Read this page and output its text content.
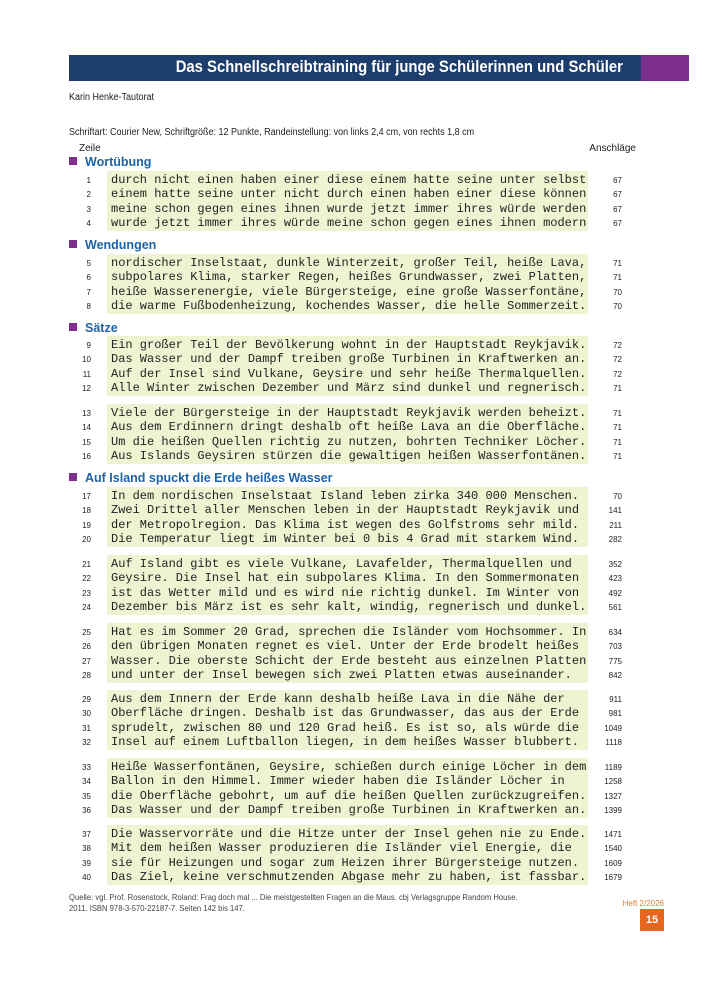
Das Schnellschreibtraining für junge Schülerinnen und Schüler
Karin Henke-Tautorat
Schriftart: Courier New, Schriftgröße: 12 Punkte, Randeinstellung: von links 2,4 cm, von rechts 1,8 cm
Zeile	Anschläge
Wortübung
1 durch nicht einen haben einer diese einem hatte seine unter selbst	67
2 einem hatte seine unter nicht durch einen haben einer diese können	67
3 meine schon gegen eines ihnen wurde jetzt immer ihres würde werden	67
4 wurde jetzt immer ihres würde meine schon gegen eines ihnen modern	67
Wendungen
5 nordischer Inselstaat, dunkle Winterzeit, großer Teil, heiße Lava,	71
6 subpolares Klima, starker Regen, heißes Grundwasser, zwei Platten,	71
7 heiße Wasserenergie, viele Bürgersteige, eine große Wasserfontäne,	70
8 die warme Fußbodenheizung, kochendes Wasser, die helle Sommerzeit.	70
Sätze
9 Ein großer Teil der Bevölkerung wohnt in der Hauptstadt Reykjavik.	72
10 Das Wasser und der Dampf treiben große Turbinen in Kraftwerken an.	72
11 Auf der Insel sind Vulkane, Geysire und sehr heiße Thermalquellen.	72
12 Alle Winter zwischen Dezember und März sind dunkel und regnerisch.	71
13 Viele der Bürgersteige in der Hauptstadt Reykjavik werden beheizt.	71
14 Aus dem Erdinnern dringt deshalb oft heiße Lava an die Oberfläche.	71
15 Um die heißen Quellen richtig zu nutzen, bohrten Techniker Löcher.	71
16 Aus Islands Geysiren stürzen die gewaltigen heißen Wasserfontänen.	71
Auf Island spuckt die Erde heißes Wasser
17 In dem nordischen Inselstaat Island leben zirka 340 000 Menschen.	70
18 Zwei Drittel aller Menschen leben in der Hauptstadt Reykjavik und	141
19 der Metropolregion. Das Klima ist wegen des Golfstroms sehr mild.	211
20 Die Temperatur liegt im Winter bei 0 bis 4 Grad mit starkem Wind.	282
21 Auf Island gibt es viele Vulkane, Lavafelder, Thermalquellen und	352
22 Geysire. Die Insel hat ein subpolares Klima. In den Sommermonaten	423
23 ist das Wetter mild und es wird nie richtig dunkel. Im Winter von	492
24 Dezember bis März ist es sehr kalt, windig, regnerisch und dunkel.	561
25 Hat es im Sommer 20 Grad, sprechen die Isländer vom Hochsommer. In	634
26 den übrigen Monaten regnet es viel. Unter der Erde brodelt heißes	703
27 Wasser. Die oberste Schicht der Erde besteht aus einzelnen Platten	775
28 und unter der Insel bewegen sich zwei Platten etwas auseinander.	842
29 Aus dem Innern der Erde kann deshalb heiße Lava in die Nähe der	911
30 Oberfläche dringen. Deshalb ist das Grundwasser, das aus der Erde	981
31 sprudelt, zwischen 80 und 120 Grad heiß. Es ist so, als würde die	1049
32 Insel auf einem Luftballon liegen, in dem heißes Wasser blubbert.	1118
33 Heiße Wasserfontänen, Geysire, schießen durch einige Löcher in dem	1189
34 Ballon in den Himmel. Immer wieder haben die Isländer Löcher in	1258
35 die Oberfläche gebohrt, um auf die heißen Quellen zurückzugreifen.	1327
36 Das Wasser und der Dampf treiben große Turbinen in Kraftwerken an.	1399
37 Die Wasservorräte und die Hitze unter der Insel gehen nie zu Ende.	1471
38 Mit dem heißen Wasser produzieren die Isländer viel Energie, die	1540
39 sie für Heizungen und sogar zum Heizen ihrer Bürgersteige nutzen.	1609
40 Das Ziel, keine verschmutzenden Abgase mehr zu haben, ist fassbar.	1679
Quelle: vgl. Prof. Rosenstock, Roland: Frag doch mal ... Die meistgestellten Fragen an die Maus. cbj Verlagsgruppe Random House.
2011. ISBN 978-3-570-22187-7. Seiten 142 bis 147.	Heft 2/2026
15
